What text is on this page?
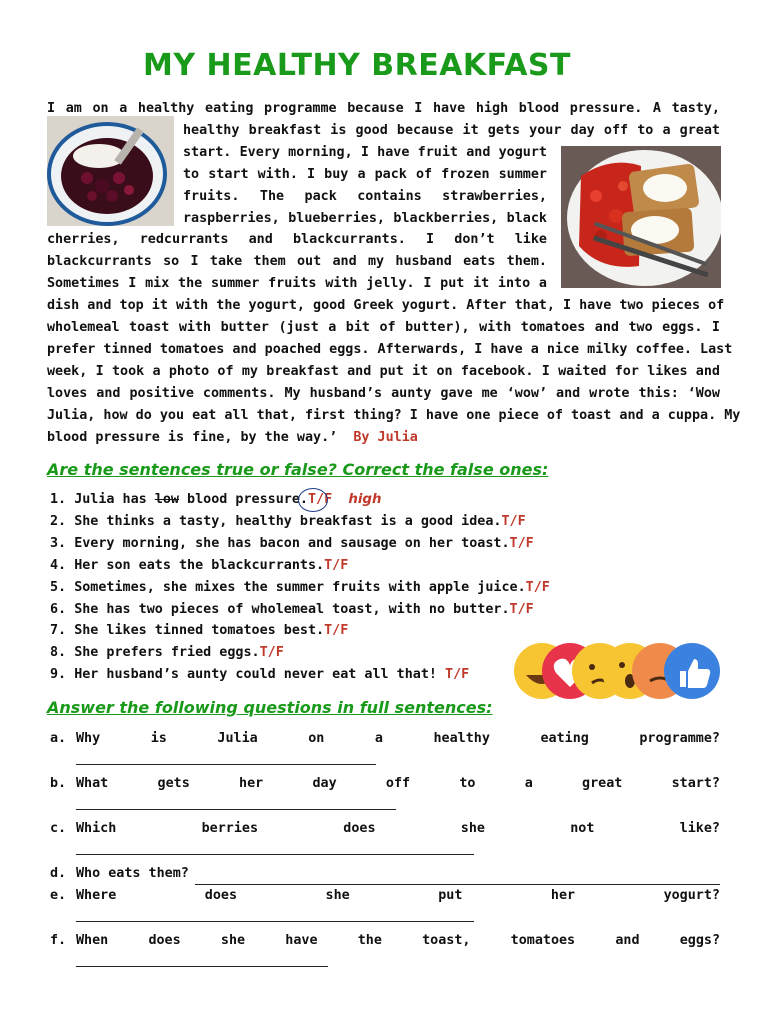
MY HEALTHY BREAKFAST
I am on a healthy eating programme because I have high blood pressure. A tasty,
healthy breakfast is good because it gets your day off to a great
start. Every morning, I have fruit and yogurt
to start with. I buy a pack of frozen summer
fruits. The pack contains strawberries,
raspberries, blueberries, blackberries, black
cherries, redcurrants and blackcurrants. I don’t like
blackcurrants so I take them out and my husband eats them.
Sometimes I mix the summer fruits with jelly. I put it into a
dish and top it with the yogurt, good Greek yogurt. After that, I have two pieces of
wholemeal toast with butter (just a bit of butter), with tomatoes and two eggs. I
prefer tinned tomatoes and poached eggs. Afterwards, I have a nice milky coffee. Last
week, I took a photo of my breakfast and put it on facebook. I waited for likes and
loves and positive comments. My husband’s aunty gave me ‘wow’ and wrote this: ‘Wow
Julia, how do you eat all that, first thing? I have one piece of toast and a cuppa. My
blood pressure is fine, by the way.’ By Julia
Are the sentences true or false? Correct the false ones:
1. Julia has low blood pressure.T/F high
2. She thinks a tasty, healthy breakfast is a good idea.T/F
3. Every morning, she has bacon and sausage on her toast.T/F
4. Her son eats the blackcurrants.T/F
5. Sometimes, she mixes the summer fruits with apple juice.T/F
6. She has two pieces of wholemeal toast, with no butter.T/F
7. She likes tinned tomatoes best.T/F
8. She prefers fried eggs.T/F
9. Her husband’s aunty could never eat all that! T/F
Answer the following questions in full sentences:
a. Why is Julia on a healthy eating programme?
b. What gets her day off to a great start?
c. Which berries does she not like?
d. Who eats them?
e. Where does she put her yogurt?
f. When does she have the toast, tomatoes and eggs?
